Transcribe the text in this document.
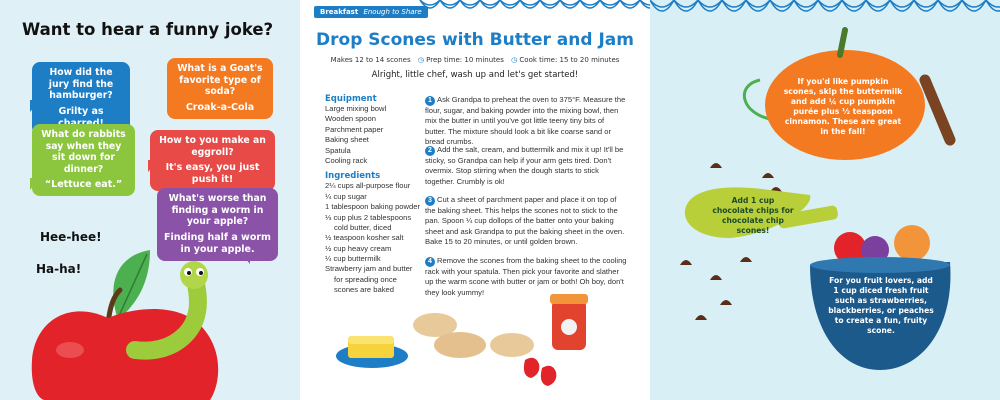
Want to hear a funny joke?
How did the jury find the hamburger?
Grilty as
What is a Goat's favorite type of soda?
Croak-a-Cola
What do rabbits say when they sit down for dinner?
“Lettuce eat.”
How to you make an eggroll?
It's easy, you just push it!
What's worse than finding a worm in your apple?
Finding half a worm in your apple.
Hee-hee!
Ha-ha!
Breakfast Enough to Share
Drop Scones with Butter and Jam
Makes 12 to 14 scones ◷ Prep time: 10 minutes ◷ Cook time: 15 to 20 minutes
Alright, little chef, wash up and let's get started!
Equipment
Large mixing bowl
Wooden spoon
Parchment paper
Baking sheet
Spatula
Cooling rack
Ingredients
2¼ cups all-purpose flour
¼ cup sugar
1 tablespoon baking powder
⅓ cup plus 2 tablespoons
cold butter, diced
½ teaspoon kosher salt
½ cup heavy cream
¼ cup buttermilk
Strawberry jam and butter
for spreading once
scones are baked
1 Ask Grandpa to preheat the oven to 375°F. Measure the flour, sugar, and baking powder into the mixing bowl, then mix the butter in until you've got little teeny tiny bits of butter. The mixture should look a bit like coarse sand or bread crumbs.
2 Add the salt, cream, and buttermilk and mix it up! It'll be sticky, so Grandpa can help if your arm gets tired. Don't overmix. Stop stirring when the dough starts to stick together. Crumbly is ok!
3 Cut a sheet of parchment paper and place it on top of the baking sheet. This helps the scones not to stick to the pan. Spoon ¼ cup dollops of the batter onto your baking sheet and ask Grandpa to put the baking sheet in the oven. Bake 15 to 20 minutes, or until golden brown.
4 Remove the scones from the baking sheet to the cooling rack with your spatula. Then pick your favorite and slather up the warm scone with butter or jam or both! Oh boy, don't they look yummy!
If you'd like pumpkin scones, skip the buttermilk and add ¼ cup pumpkin purée plus ½ teaspoon cinnamon. These are great in the fall!
Add 1 cup chocolate chips for chocolate chip scones!
For you fruit lovers, add 1 cup diced fresh fruit such as strawberries, blackberries, or peaches to create a fun, fruity scone.
